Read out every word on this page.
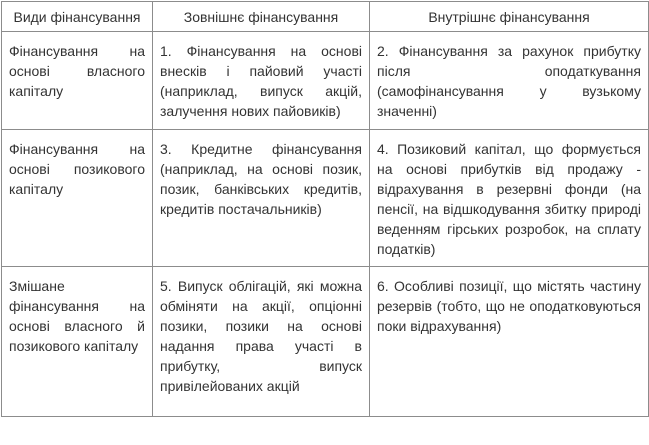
Види фінансування	Зовнішнє фінансування	Внутрішнє фінансування
Фінансування на основі власного капіталу	1. Фінансування на основі внесків і пайовий участі (наприклад, випуск акцій, залучення нових пайовиків)	2. Фінансування за рахунок прибутку після оподаткування (самофінансування у вузькому значенні)
Фінансування на основі позикового капіталу	3. Кредитне фінансування (наприклад, на основі позик, позик, банківських кредитів, кредитів постачальників)	4. Позиковий капітал, що формується на основі прибутків від продажу - відрахування в резервні фонди (на пенсії, на відшкодування збитку природі веденням гірських розробок, на сплату податків)
Змішане фінансування на основі власного й позикового капіталу	5. Випуск облігацій, які можна обміняти на акції, опціонні позики, позики на основі надання права участі в прибутку, випуск привілейованих акцій	6. Особливі позиції, що містять частину резервів (тобто, що не оподатковуються поки відрахування)
